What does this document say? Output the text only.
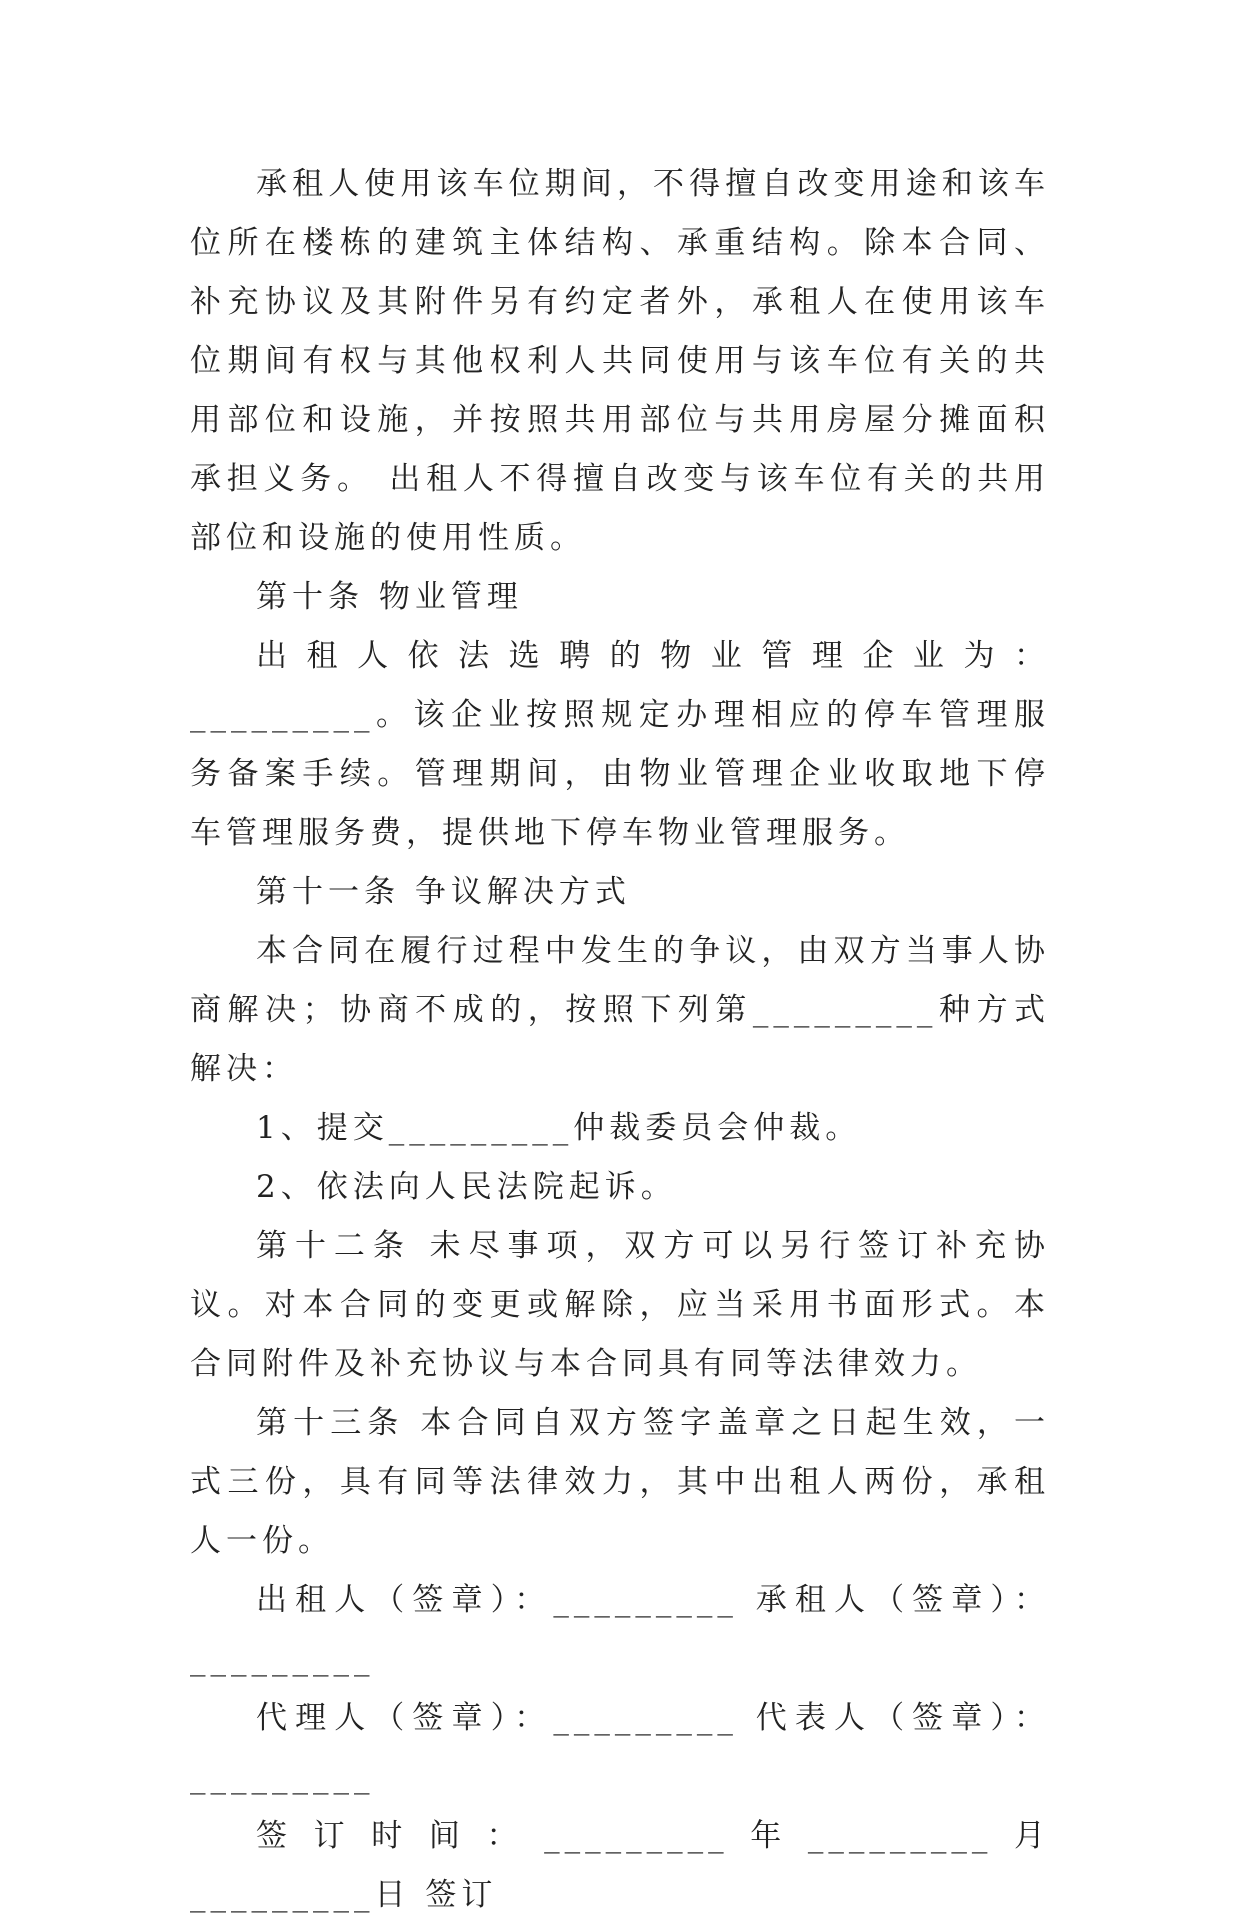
承租人使用该车位期间，不得擅自改变用途和该车位所在楼栋的建筑主体结构、承重结构。除本合同、补充协议及其附件另有约定者外，承租人在使用该车位期间有权与其他权利人共同使用与该车位有关的共用部位和设施，并按照共用部位与共用房屋分摊面积承担义务。 出租人不得擅自改变与该车位有关的共用部位和设施的使用性质。

第十条 物业管理

出租人依法选聘的物业管理企业为：_________。该企业按照规定办理相应的停车管理服务备案手续。管理期间，由物业管理企业收取地下停车管理服务费，提供地下停车物业管理服务。

第十一条 争议解决方式

本合同在履行过程中发生的争议，由双方当事人协商解决；协商不成的，按照下列第_________种方式解决：

1、提交_________仲裁委员会仲裁。

2、依法向人民法院起诉。

第十二条 未尽事项，双方可以另行签订补充协议。对本合同的变更或解除，应当采用书面形式。本合同附件及补充协议与本合同具有同等法律效力。

第十三条 本合同自双方签字盖章之日起生效，一式三份，具有同等法律效力，其中出租人两份，承租人一份。

出租人（签章）：_________ 承租人（签章）：_________

代理人（签章）：_________ 代表人（签章）：_________

签订时间：_________年_________月_________日 签订
